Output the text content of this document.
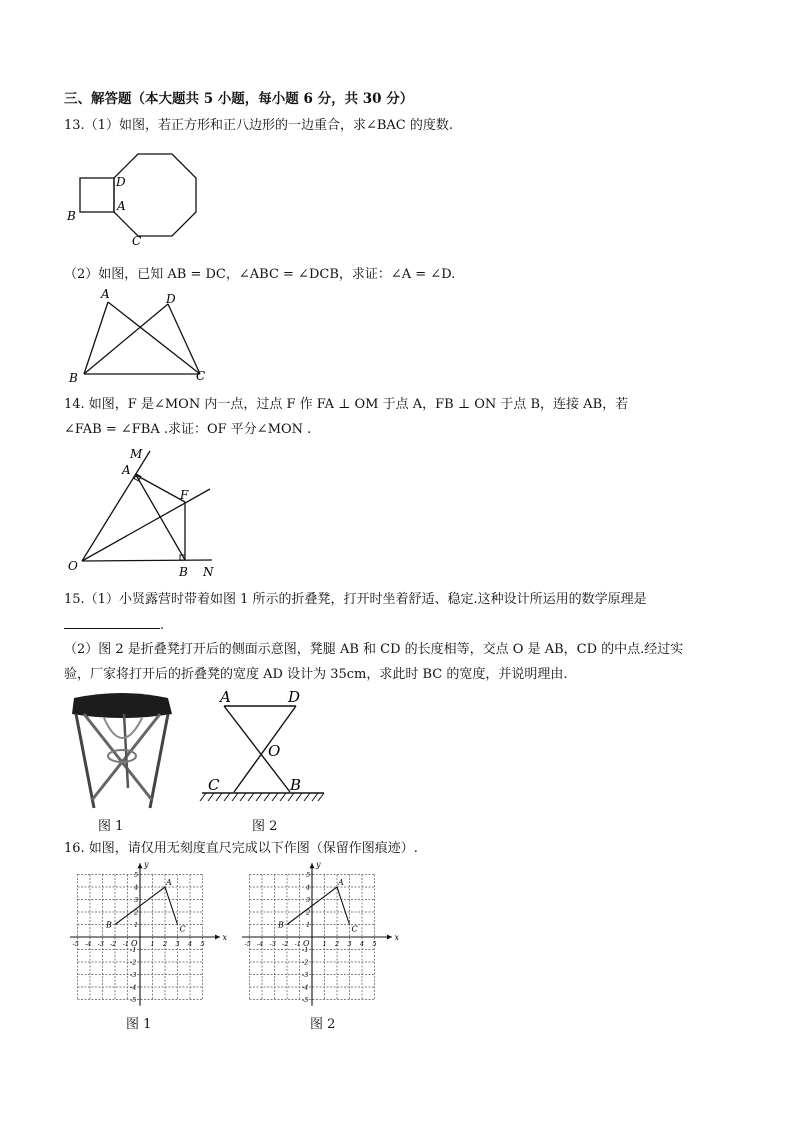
三、解答题（本大题共 5 小题，每小题 6 分，共 30 分）
13.（1）如图，若正方形和正八边形的一边重合，求∠BAC 的度数.
B
A
C
D
（2）如图，已知 AB = DC，∠ABC = ∠DCB，求证：∠A = ∠D.
A	D
B	C
14. 如图，F 是∠MON 内一点，过点 F 作 FA ⊥ OM 于点 A，FB ⊥ ON 于点 B，连接 AB，若
∠FAB = ∠FBA .求证：OF 平分∠MON .
M
A
F
O	B N
15.（1）小贤露营时带着如图 1 所示的折叠凳，打开时坐着舒适、稳定.这种设计所运用的数学原理是
.
（2）图 2 是折叠凳打开后的侧面示意图，凳腿 AB 和 CD 的长度相等，交点 O 是 AB，CD 的中点.经过实
验，厂家将打开后的折叠凳的宽度 AD 设计为 35cm，求此时 BC 的宽度，并说明理由.
图 1
A	D
O
C	B
图 2
16. 如图，请仅用无刻度直尺完成以下作图（保留作图痕迹）.
x
y
O
-5 -4 -3 -2 -1	1 2 3 4 5
5
4
3
2
1
-1
-2
-3
-4
-5
A
B	C
图 1
x
y
O
-5 -4 -3 -2 -1	1 2 3 4 5
5
4
3
2
1
-1
-2
-3
-4
-5
A
B	C
图 2
